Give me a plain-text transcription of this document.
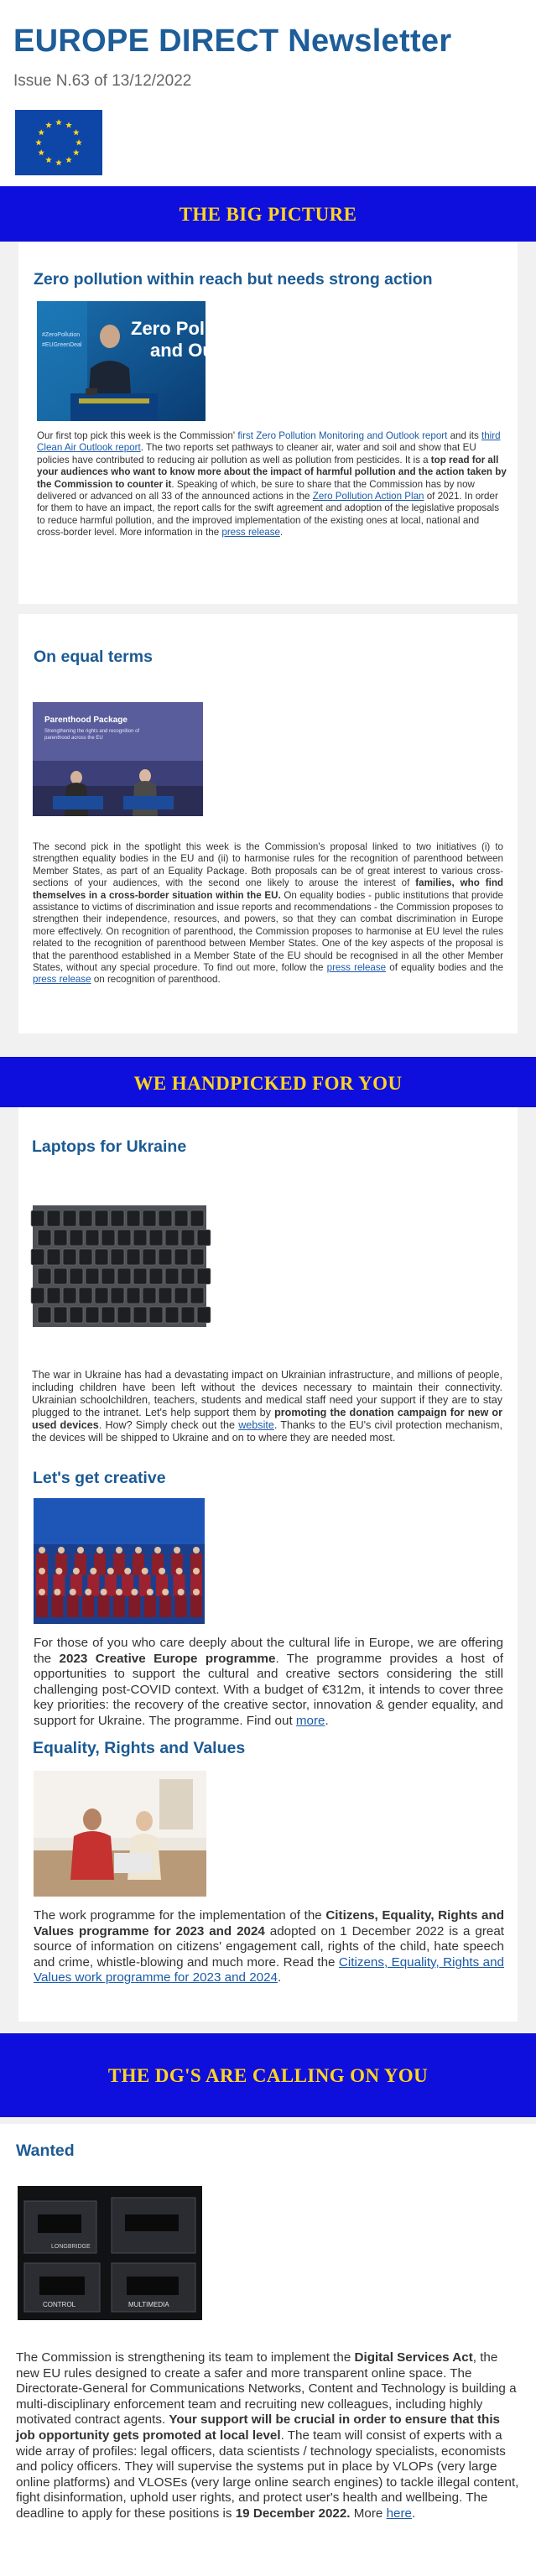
EUROPE DIRECT Newsletter
Issue N.63 of 13/12/2022
THE BIG PICTURE
Zero pollution within reach but needs strong action
Zero Pollution
and Ou
#ZeroPollution
#EUGreenDeal

Our first top pick this week is the Commission' first Zero Pollution Monitoring and Outlook report and its third Clean Air Outlook report. The two reports set pathways to cleaner air, water and soil and show that EU policies have contributed to reducing air pollution as well as pollution from pesticides. It is a top read for all your audiences who want to know more about the impact of harmful pollution and the action taken by the Commission to counter it. Speaking of which, be sure to share that the Commission has by now delivered or advanced on all 33 of the announced actions in the Zero Pollution Action Plan of 2021. In order for them to have an impact, the report calls for the swift agreement and adoption of the legislative proposals to reduce harmful pollution, and the improved implementation of the existing ones at local, national and cross-border level. More information in the press release.

On equal terms
Parenthood Package
Strengthening the rights and recognition of
parenthood across the EU

The second pick in the spotlight this week is the Commission's proposal linked to two initiatives (i) to strengthen equality bodies in the EU and (ii) to harmonise rules for the recognition of parenthood between Member States, as part of an Equality Package. Both proposals can be of great interest to various cross-sections of your audiences, with the second one likely to arouse the interest of families, who find themselves in a cross-border situation within the EU. On equality bodies - public institutions that provide assistance to victims of discrimination and issue reports and recommendations - the Commission proposes to strengthen their independence, resources, and powers, so that they can combat discrimination in Europe more effectively. On recognition of parenthood, the Commission proposes to harmonise at EU level the rules related to the recognition of parenthood between Member States. One of the key aspects of the proposal is that the parenthood established in a Member State of the EU should be recognised in all the other Member States, without any special procedure. To find out more, follow the press release of equality bodies and the press release on recognition of parenthood.

WE HANDPICKED FOR YOU
Laptops for Ukraine

The war in Ukraine has had a devastating impact on Ukrainian infrastructure, and millions of people, including children have been left without the devices necessary to maintain their connectivity. Ukrainian schoolchildren, teachers, students and medical staff need your support if they are to stay plugged to the intranet. Let's help support them by promoting the donation campaign for new or used devices. How? Simply check out the website. Thanks to the EU's civil protection mechanism, the devices will be shipped to Ukraine and on to where they are needed most.

Let's get creative

For those of you who care deeply about the cultural life in Europe, we are offering the 2023 Creative Europe programme. The programme provides a host of opportunities to support the cultural and creative sectors considering the still challenging post-COVID context. With a budget of €312m, it intends to cover three key priorities: the recovery of the creative sector, innovation & gender equality, and support for Ukraine. The programme. Find out more.

Equality, Rights and Values

The work programme for the implementation of the Citizens, Equality, Rights and Values programme for 2023 and 2024 adopted on 1 December 2022 is a great source of information on citizens' engagement call, rights of the child, hate speech and crime, whistle-blowing and much more. Read the Citizens, Equality, Rights and Values work programme for 2023 and 2024.

THE DG'S ARE CALLING ON YOU
Wanted
LONGBRIDGE
CONTROL	MULTIMEDIA

The Commission is strengthening its team to implement the Digital Services Act, the new EU rules designed to create a safer and more transparent online space. The Directorate-General for Communications Networks, Content and Technology is building a multi-disciplinary enforcement team and recruiting new colleagues, including highly motivated contract agents. Your support will be crucial in order to ensure that this job opportunity gets promoted at local level. The team will consist of experts with a wide array of profiles: legal officers, data scientists / technology specialists, economists and policy officers. They will supervise the systems put in place by VLOPs (very large online platforms) and VLOSEs (very large online search engines) to tackle illegal content, fight disinformation, uphold user rights, and protect user's health and wellbeing. The deadline to apply for these positions is 19 December 2022. More here.
